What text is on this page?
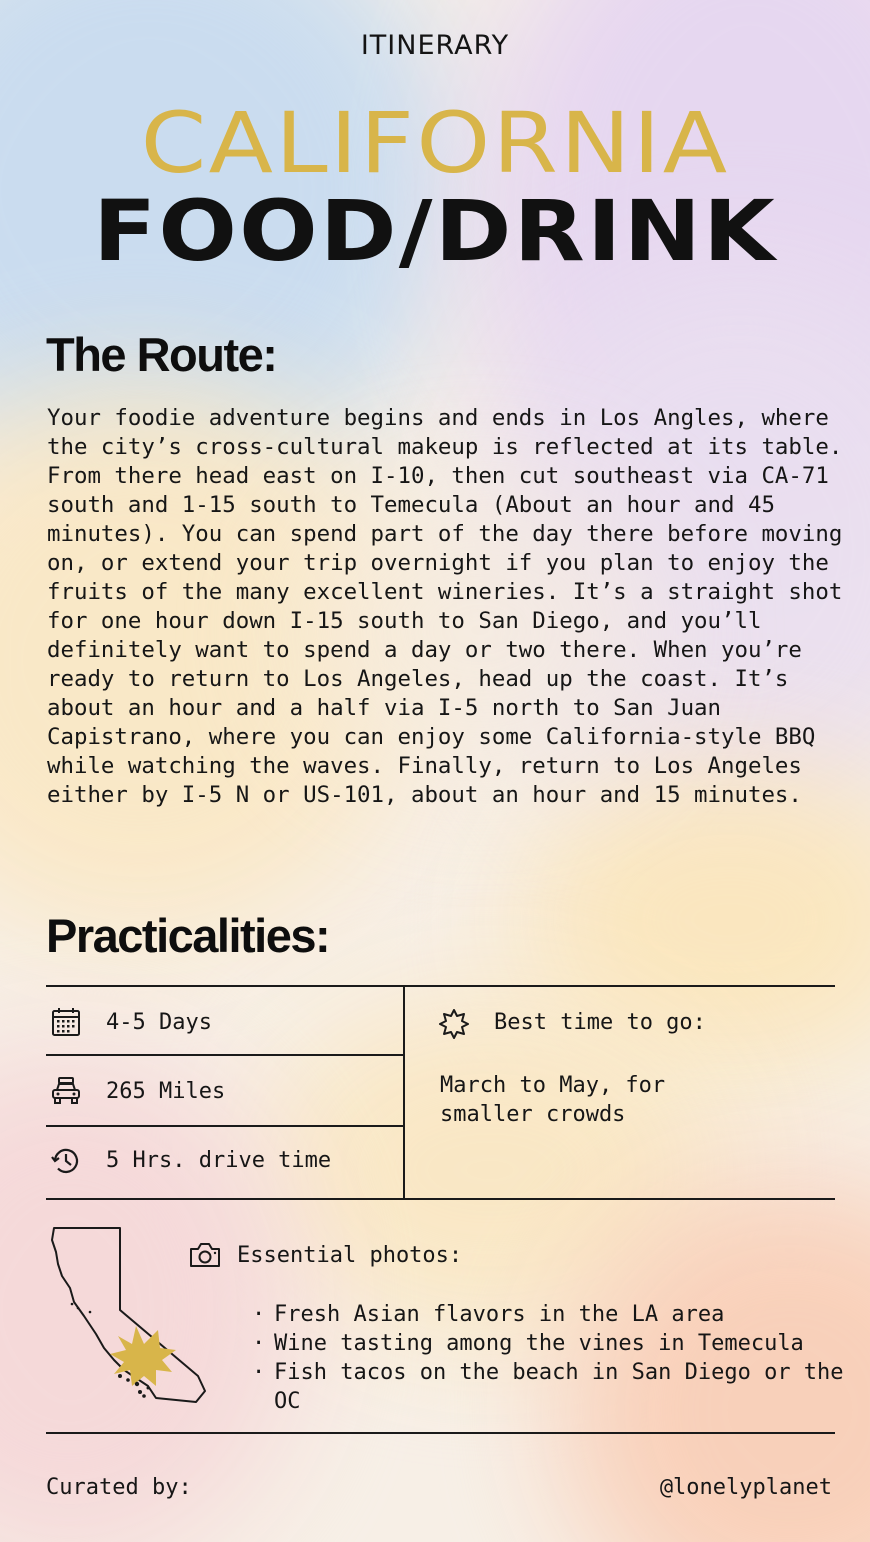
ITINERARY
CALIFORNIA
FOOD/DRINK
The Route:
Your foodie adventure begins and ends in Los Angles, where the city’s cross-cultural makeup is reflected at its table. From there head east on I-10, then cut southeast via CA-71 south and 1-15 south to Temecula (About an hour and 45 minutes). You can spend part of the day there before moving on, or extend your trip overnight if you plan to enjoy the fruits of the many excellent wineries. It’s a straight shot for one hour down I-15 south to San Diego, and you’ll definitely want to spend a day or two there. When you’re ready to return to Los Angeles, head up the coast. It’s about an hour and a half via I-5 north to San Juan Capistrano, where you can enjoy some California-style BBQ while watching the waves. Finally, return to Los Angeles either by I-5 N or US-101, about an hour and 15 minutes.
Practicalities:
4-5 Days
265 Miles
5 Hrs. drive time
Best time to go:
March to May, for
smaller crowds
Essential photos:
· Fresh Asian flavors in the LA area
· Wine tasting among the vines in Temecula
· Fish tacos on the beach in San Diego or the OC
Curated by:	@lonelyplanet
